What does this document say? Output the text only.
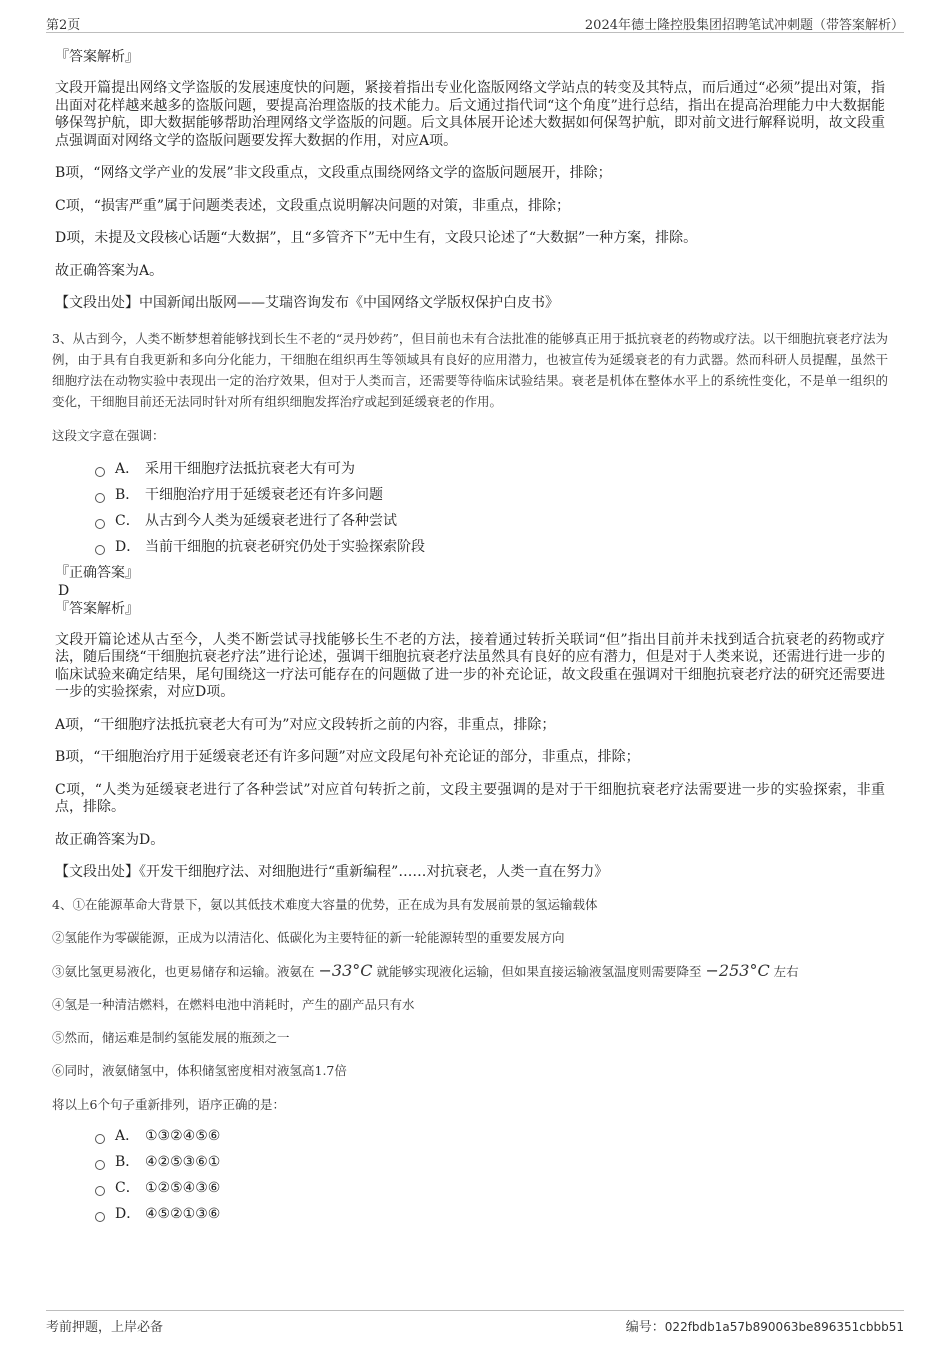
第2页	2024年德士隆控股集团招聘笔试冲刺题（带答案解析）

『答案解析』

文段开篇提出网络文学盗版的发展速度快的问题，紧接着指出专业化盗版网络文学站点的转变及其特点，而后通过“必须”提出对策，指出面对花样越来越多的盗版问题，要提高治理盗版的技术能力。后文通过指代词“这个角度”进行总结，指出在提高治理能力中大数据能够保驾护航，即大数据能够帮助治理网络文学盗版的问题。后文具体展开论述大数据如何保驾护航，即对前文进行解释说明，故文段重点强调面对网络文学的盗版问题要发挥大数据的作用，对应A项。

B项，“网络文学产业的发展”非文段重点，文段重点围绕网络文学的盗版问题展开，排除；

C项，“损害严重”属于问题类表述，文段重点说明解决问题的对策，非重点，排除；

D项，未提及文段核心话题“大数据”，且“多管齐下”无中生有，文段只论述了“大数据”一种方案，排除。

故正确答案为A。

【文段出处】中国新闻出版网——艾瑞咨询发布《中国网络文学版权保护白皮书》

3、从古到今，人类不断梦想着能够找到长生不老的“灵丹妙药”，但目前也未有合法批准的能够真正用于抵抗衰老的药物或疗法。以干细胞抗衰老疗法为例，由于具有自我更新和多向分化能力，干细胞在组织再生等领域具有良好的应用潜力，也被宣传为延缓衰老的有力武器。然而科研人员提醒，虽然干细胞疗法在动物实验中表现出一定的治疗效果，但对于人类而言，还需要等待临床试验结果。衰老是机体在整体水平上的系统性变化，不是单一组织的变化，干细胞目前还无法同时针对所有组织细胞发挥治疗或起到延缓衰老的作用。

这段文字意在强调：

A． 采用干细胞疗法抵抗衰老大有可为
B． 干细胞治疗用于延缓衰老还有许多问题
C． 从古到今人类为延缓衰老进行了各种尝试
D． 当前干细胞的抗衰老研究仍处于实验探索阶段

『正确答案』

D

『答案解析』

文段开篇论述从古至今，人类不断尝试寻找能够长生不老的方法，接着通过转折关联词“但”指出目前并未找到适合抗衰老的药物或疗法，随后围绕“干细胞抗衰老疗法”进行论述，强调干细胞抗衰老疗法虽然具有良好的应有潜力，但是对于人类来说，还需进行进一步的临床试验来确定结果，尾句围绕这一疗法可能存在的问题做了进一步的补充论证，故文段重在强调对干细胞抗衰老疗法的研究还需要进一步的实验探索，对应D项。

A项，“干细胞疗法抵抗衰老大有可为”对应文段转折之前的内容，非重点，排除；

B项，“干细胞治疗用于延缓衰老还有许多问题”对应文段尾句补充论证的部分，非重点，排除；

C项，“人类为延缓衰老进行了各种尝试”对应首句转折之前，文段主要强调的是对于干细胞抗衰老疗法需要进一步的实验探索，非重点，排除。

故正确答案为D。

【文段出处】《开发干细胞疗法、对细胞进行“重新编程”……对抗衰老，人类一直在努力》

4、①在能源革命大背景下，氨以其低技术难度大容量的优势，正在成为具有发展前景的氢运输载体

②氢能作为零碳能源，正成为以清洁化、低碳化为主要特征的新一轮能源转型的重要发展方向

③氨比氢更易液化，也更易储存和运输。液氨在 −33°C 就能够实现液化运输，但如果直接运输液氢温度则需要降至 −253°C 左右

④氢是一种清洁燃料，在燃料电池中消耗时，产生的副产品只有水

⑤然而，储运难是制约氢能发展的瓶颈之一

⑥同时，液氨储氢中，体积储氢密度相对液氢高1.7倍

将以上6个句子重新排列，语序正确的是：

A． ①③②④⑤⑥
B． ④②⑤③⑥①
C． ①②⑤④③⑥
D． ④⑤②①③⑥
考前押题，上岸必备	编号：022fbdb1a57b890063be896351cbbb51
